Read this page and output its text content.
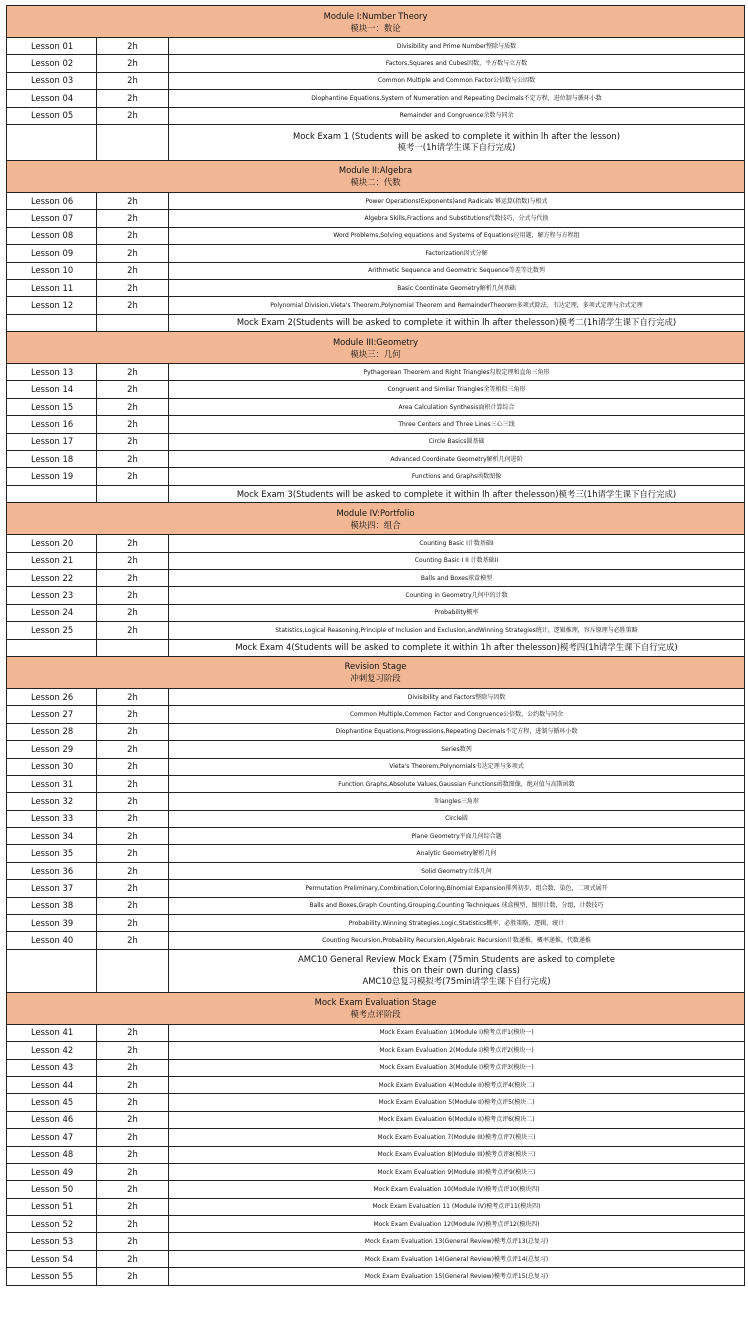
Module I:Number Theory
模块一：数论		

Lesson 01	2h	Divisibility and Prime Number整除与质数
Lesson 02	2h	Factors,Squares and Cubes因数，平方数与立方数
Lesson 03	2h	Common Multiple and Common Factor公倍数与公因数
Lesson 04	2h	Diophantine Equations,System of Numeration and Repeating Decimals不定方程，进位制与循环小数
Lesson 05	2h	Remainder and Congruence余数与同余

		Mock Exam 1 (Students will be asked to complete it within lh after the lesson)
模考一(1h请学生课下自行完成)

Module II:Algebra
模块二：代数		

Lesson 06	2h	Power Operations(Exponents)and Radicals 幂运算(指数)与根式
Lesson 07	2h	Algebra Skills,Fractions and Substitutions代数技巧，分式与代换
Lesson 08	2h	Word Problems,Solving equations and Systems of Equations应用题，解方程与方程组
Lesson 09	2h	Factorization因式分解
Lesson 10	2h	Arithmetic Sequence and Geometric Sequence等差等比数列
Lesson 11	2h	Basic Coordinate Geometry解析几何基础
Lesson 12	2h	Polynomial Division,Vieta's Theorem,Polynomial Theorem and RemainderTheorem多项式除法，韦达定理，多项式定理与余式定理

		Mock Exam 2(Students will be asked to complete it within lh after thelesson)模考二(1h请学生课下自行完成)

Module III:Geometry
模块三：几何		

Lesson 13	2h	Pythagorean Theorem and Right Triangles勾股定理和直角三角形
Lesson 14	2h	Congruent and Similar Triangles全等相似三角形
Lesson 15	2h	Area Calculation Synthesis面积计算综合
Lesson 16	2h	Three Centers and Three Lines三心三线
Lesson 17	2h	Circle Basics圆基础
Lesson 18	2h	Advanced Coordinate Geometry解析几何进阶
Lesson 19	2h	Functions and Graphs函数图像

		Mock Exam 3(Students will be asked to complete it within lh after thelesson)模考三(1h请学生课下自行完成)

Module IV:Portfolio
模块四：组合		

Lesson 20	2h	Counting Basic I计数基础I
Lesson 21	2h	Counting Basic I II 计数基础II
Lesson 22	2h	Balls and Boxes球盒模型
Lesson 23	2h	Counting in Geometry几何中的计数
Lesson 24	2h	Probability概率
Lesson 25	2h	Statistics,Logical Reasoning,Principle of Inclusion and Exclusion,andWinning Strategies统计，逻辑推理，容斥原理与必胜策略

		Mock Exam 4(Students will be asked to complete it within 1h after thelesson)模考四(1h请学生课下自行完成)

Revision Stage
冲刺复习阶段		

Lesson 26	2h	Divisibility and Factors整除与因数
Lesson 27	2h	Common Multiple,Common Factor and Congruence公倍数，公约数与同余
Lesson 28	2h	Diophantine Equations,Progressions,Repeating Decimals不定方程，进制与循环小数
Lesson 29	2h	Series数列
Lesson 30	2h	Vieta's Theorem,Polynomials韦达定理与多项式
Lesson 31	2h	Function Graphs,Absolute Values,Gaussian Functions函数图像，绝对值与高斯函数
Lesson 32	2h	Triangles三角形
Lesson 33	2h	Circle圆
Lesson 34	2h	Plane Geometry平面几何综合题
Lesson 35	2h	Analytic Geometry解析几何
Lesson 36	2h	Solid Geometry立体几何
Lesson 37	2h	Permutation Preliminary,Combination,Coloring,Binomial Expansion排列初步，组合数，染色，二项式展开
Lesson 38	2h	Balls and Boxes,Graph Counting,Grouping,Counting Techniques 球盒模型，图形计数，分组，计数技巧
Lesson 39	2h	Probability,Winning Strategies,Logic,Statistics概率，必胜策略，逻辑，统计
Lesson 40	2h	Counting Recursion,Probability Recursion,Algebraic Recursion计数递推，概率递推，代数递推

		AMC10 General Review Mock Exam (75min Students are asked to complete
this on their own during class)
AMC10总复习模拟考(75min请学生课下自行完成)

Mock Exam Evaluation Stage
模考点评阶段		

Lesson 41	2h	Mock Exam Evaluation 1(Module I)模考点评1(模块一)
Lesson 42	2h	Mock Exam Evaluation 2(Module I)模考点评2(模块一)
Lesson 43	2h	Mock Exam Evaluation 3(Module I)模考点评3(模块一)
Lesson 44	2h	Mock Exam Evaluation 4(Module II)模考点评4(模块二)
Lesson 45	2h	Mock Exam Evaluation 5(Module II)模考点评5(模块二)
Lesson 46	2h	Mock Exam Evaluation 6(Module II)模考点评6(模块二)
Lesson 47	2h	Mock Exam Evaluation 7(Module III)模考点评7(模块三)
Lesson 48	2h	Mock Exam Evaluation 8(Module III)模考点评8(模块三)
Lesson 49	2h	Mock Exam Evaluation 9(Module III)模考点评9(模块三)
Lesson 50	2h	Mock Exam Evaluation 10(Module IV)模考点评10(模块四)
Lesson 51	2h	Mock Exam Evaluation 11 (Module IV)模考点评11(模块四)
Lesson 52	2h	Mock Exam Evaluation 12(Module IV)模考点评12(模块四)
Lesson 53	2h	Mock Exam Evaluation 13(General Review)模考点评13(总复习)
Lesson 54	2h	Mock Exam Evaluation 14(General Review)模考点评14(总复习)
Lesson 55	2h	Mock Exam Evaluation 15(General Review)模考点评15(总复习)
